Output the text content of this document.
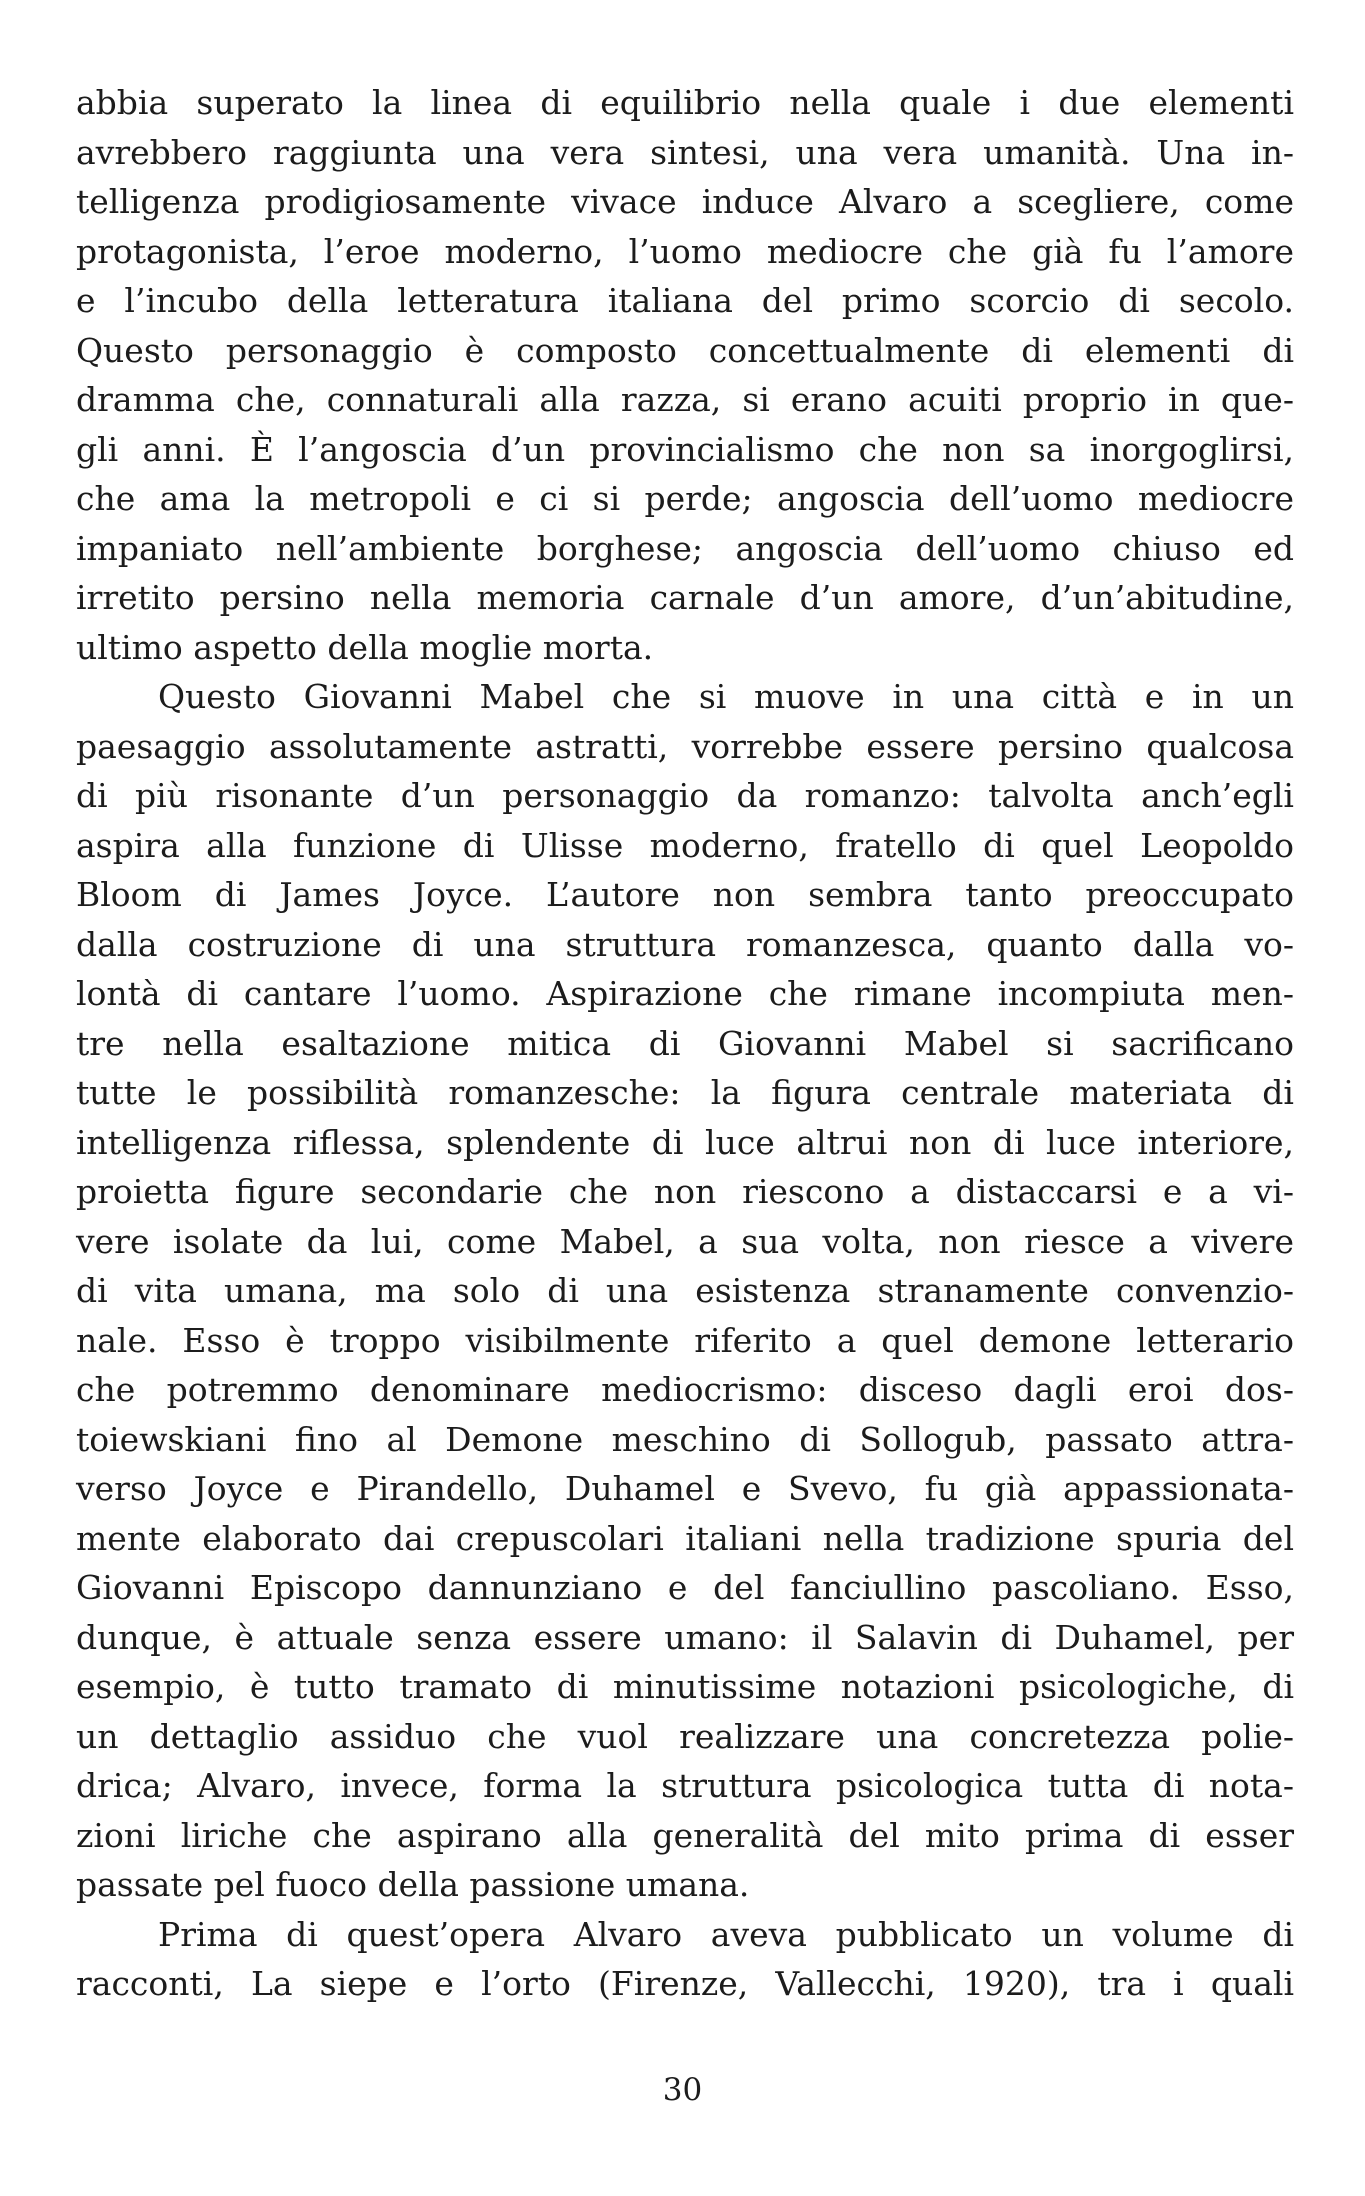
abbia superato la linea di equilibrio nella quale i due elementi
avrebbero raggiunta una vera sintesi, una vera umanità. Una in-
telligenza prodigiosamente vivace induce Alvaro a scegliere, come
protagonista, l’eroe moderno, l’uomo mediocre che già fu l’amore
e l’incubo della letteratura italiana del primo scorcio di secolo.
Questo personaggio è composto concettualmente di elementi di
dramma che, connaturali alla razza, si erano acuiti proprio in que-
gli anni. È l’angoscia d’un provincialismo che non sa inorgoglirsi,
che ama la metropoli e ci si perde; angoscia dell’uomo mediocre
impaniato nell’ambiente borghese; angoscia dell’uomo chiuso ed
irretito persino nella memoria carnale d’un amore, d’un’abitudine,
ultimo aspetto della moglie morta.
Questo Giovanni Mabel che si muove in una città e in un
paesaggio assolutamente astratti, vorrebbe essere persino qualcosa
di più risonante d’un personaggio da romanzo: talvolta anch’egli
aspira alla funzione di Ulisse moderno, fratello di quel Leopoldo
Bloom di James Joyce. L’autore non sembra tanto preoccupato
dalla costruzione di una struttura romanzesca, quanto dalla vo-
lontà di cantare l’uomo. Aspirazione che rimane incompiuta men-
tre nella esaltazione mitica di Giovanni Mabel si sacrificano
tutte le possibilità romanzesche: la figura centrale materiata di
intelligenza riflessa, splendente di luce altrui non di luce interiore,
proietta figure secondarie che non riescono a distaccarsi e a vi-
vere isolate da lui, come Mabel, a sua volta, non riesce a vivere
di vita umana, ma solo di una esistenza stranamente convenzio-
nale. Esso è troppo visibilmente riferito a quel demone letterario
che potremmo denominare mediocrismo: disceso dagli eroi dos-
toiewskiani fino al Demone meschino di Sollogub, passato attra-
verso Joyce e Pirandello, Duhamel e Svevo, fu già appassionata-
mente elaborato dai crepuscolari italiani nella tradizione spuria del
Giovanni Episcopo dannunziano e del fanciullino pascoliano. Esso,
dunque, è attuale senza essere umano: il Salavin di Duhamel, per
esempio, è tutto tramato di minutissime notazioni psicologiche, di
un dettaglio assiduo che vuol realizzare una concretezza polie-
drica; Alvaro, invece, forma la struttura psicologica tutta di nota-
zioni liriche che aspirano alla generalità del mito prima di esser
passate pel fuoco della passione umana.
Prima di quest’opera Alvaro aveva pubblicato un volume di
racconti, La siepe e l’orto (Firenze, Vallecchi, 1920), tra i quali
30
